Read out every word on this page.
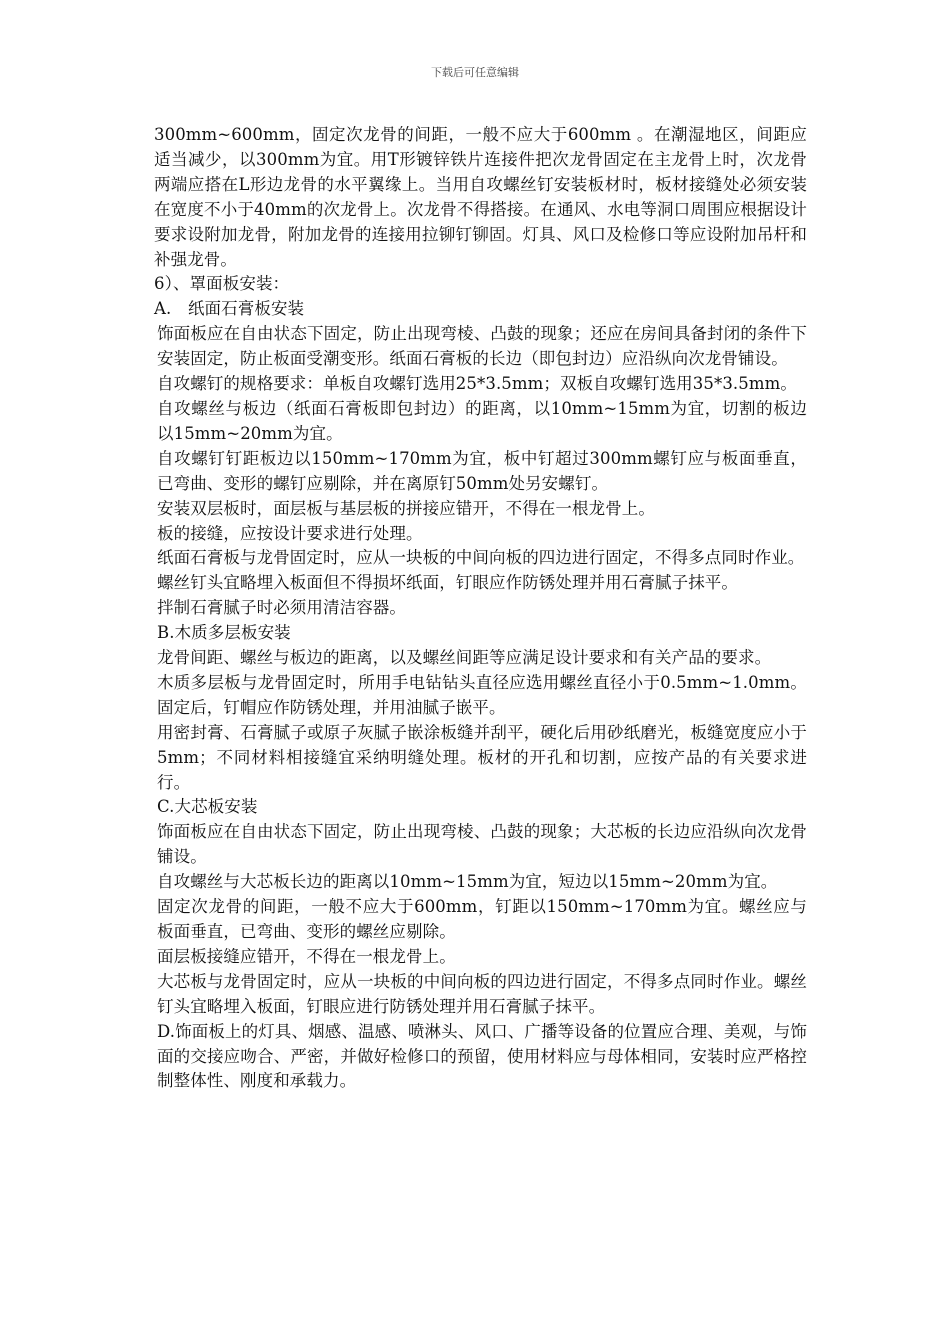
下载后可任意编辑

300mm~600mm，固定次龙骨的间距，一般不应大于600mm 。在潮湿地区，间距应适当减少，以300mm为宜。用T形镀锌铁片连接件把次龙骨固定在主龙骨上时，次龙骨两端应搭在L形边龙骨的水平翼缘上。当用自攻螺丝钉安装板材时，板材接缝处必须安装在宽度不小于40mm的次龙骨上。次龙骨不得搭接。在通风、水电等洞口周围应根据设计要求设附加龙骨，附加龙骨的连接用拉铆钉铆固。灯具、风口及检修口等应设附加吊杆和补强龙骨。

6）、罩面板安装：

A.　纸面石膏板安装

饰面板应在自由状态下固定，防止出现弯棱、凸鼓的现象；还应在房间具备封闭的条件下安装固定，防止板面受潮变形。纸面石膏板的长边（即包封边）应沿纵向次龙骨铺设。

自攻螺钉的规格要求：单板自攻螺钉选用25*3.5mm；双板自攻螺钉选用35*3.5mm。

自攻螺丝与板边（纸面石膏板即包封边）的距离，以10mm~15mm为宜，切割的板边以15mm~20mm为宜。

自攻螺钉钉距板边以150mm~170mm为宜，板中钉超过300mm螺钉应与板面垂直，已弯曲、变形的螺钉应剔除，并在离原钉50mm处另安螺钉。

安装双层板时，面层板与基层板的拼接应错开，不得在一根龙骨上。

板的接缝，应按设计要求进行处理。

纸面石膏板与龙骨固定时，应从一块板的中间向板的四边进行固定，不得多点同时作业。

螺丝钉头宜略埋入板面但不得损坏纸面，钉眼应作防锈处理并用石膏腻子抹平。

拌制石膏腻子时必须用清洁容器。

B.木质多层板安装

龙骨间距、螺丝与板边的距离，以及螺丝间距等应满足设计要求和有关产品的要求。

木质多层板与龙骨固定时，所用手电钻钻头直径应选用螺丝直径小于0.5mm~1.0mm。固定后，钉帽应作防锈处理，并用油腻子嵌平。

用密封膏、石膏腻子或原子灰腻子嵌涂板缝并刮平，硬化后用砂纸磨光，板缝宽度应小于5mm；不同材料相接缝宜采纳明缝处理。板材的开孔和切割，应按产品的有关要求进行。

C.大芯板安装

饰面板应在自由状态下固定，防止出现弯棱、凸鼓的现象；大芯板的长边应沿纵向次龙骨铺设。

自攻螺丝与大芯板长边的距离以10mm~15mm为宜，短边以15mm~20mm为宜。

固定次龙骨的间距，一般不应大于600mm，钉距以150mm~170mm为宜。螺丝应与板面垂直，已弯曲、变形的螺丝应剔除。

面层板接缝应错开，不得在一根龙骨上。

大芯板与龙骨固定时，应从一块板的中间向板的四边进行固定，不得多点同时作业。螺丝钉头宜略埋入板面，钉眼应进行防锈处理并用石膏腻子抹平。

D.饰面板上的灯具、烟感、温感、喷淋头、风口、广播等设备的位置应合理、美观，与饰面的交接应吻合、严密，并做好检修口的预留，使用材料应与母体相同，安装时应严格控制整体性、刚度和承载力。
